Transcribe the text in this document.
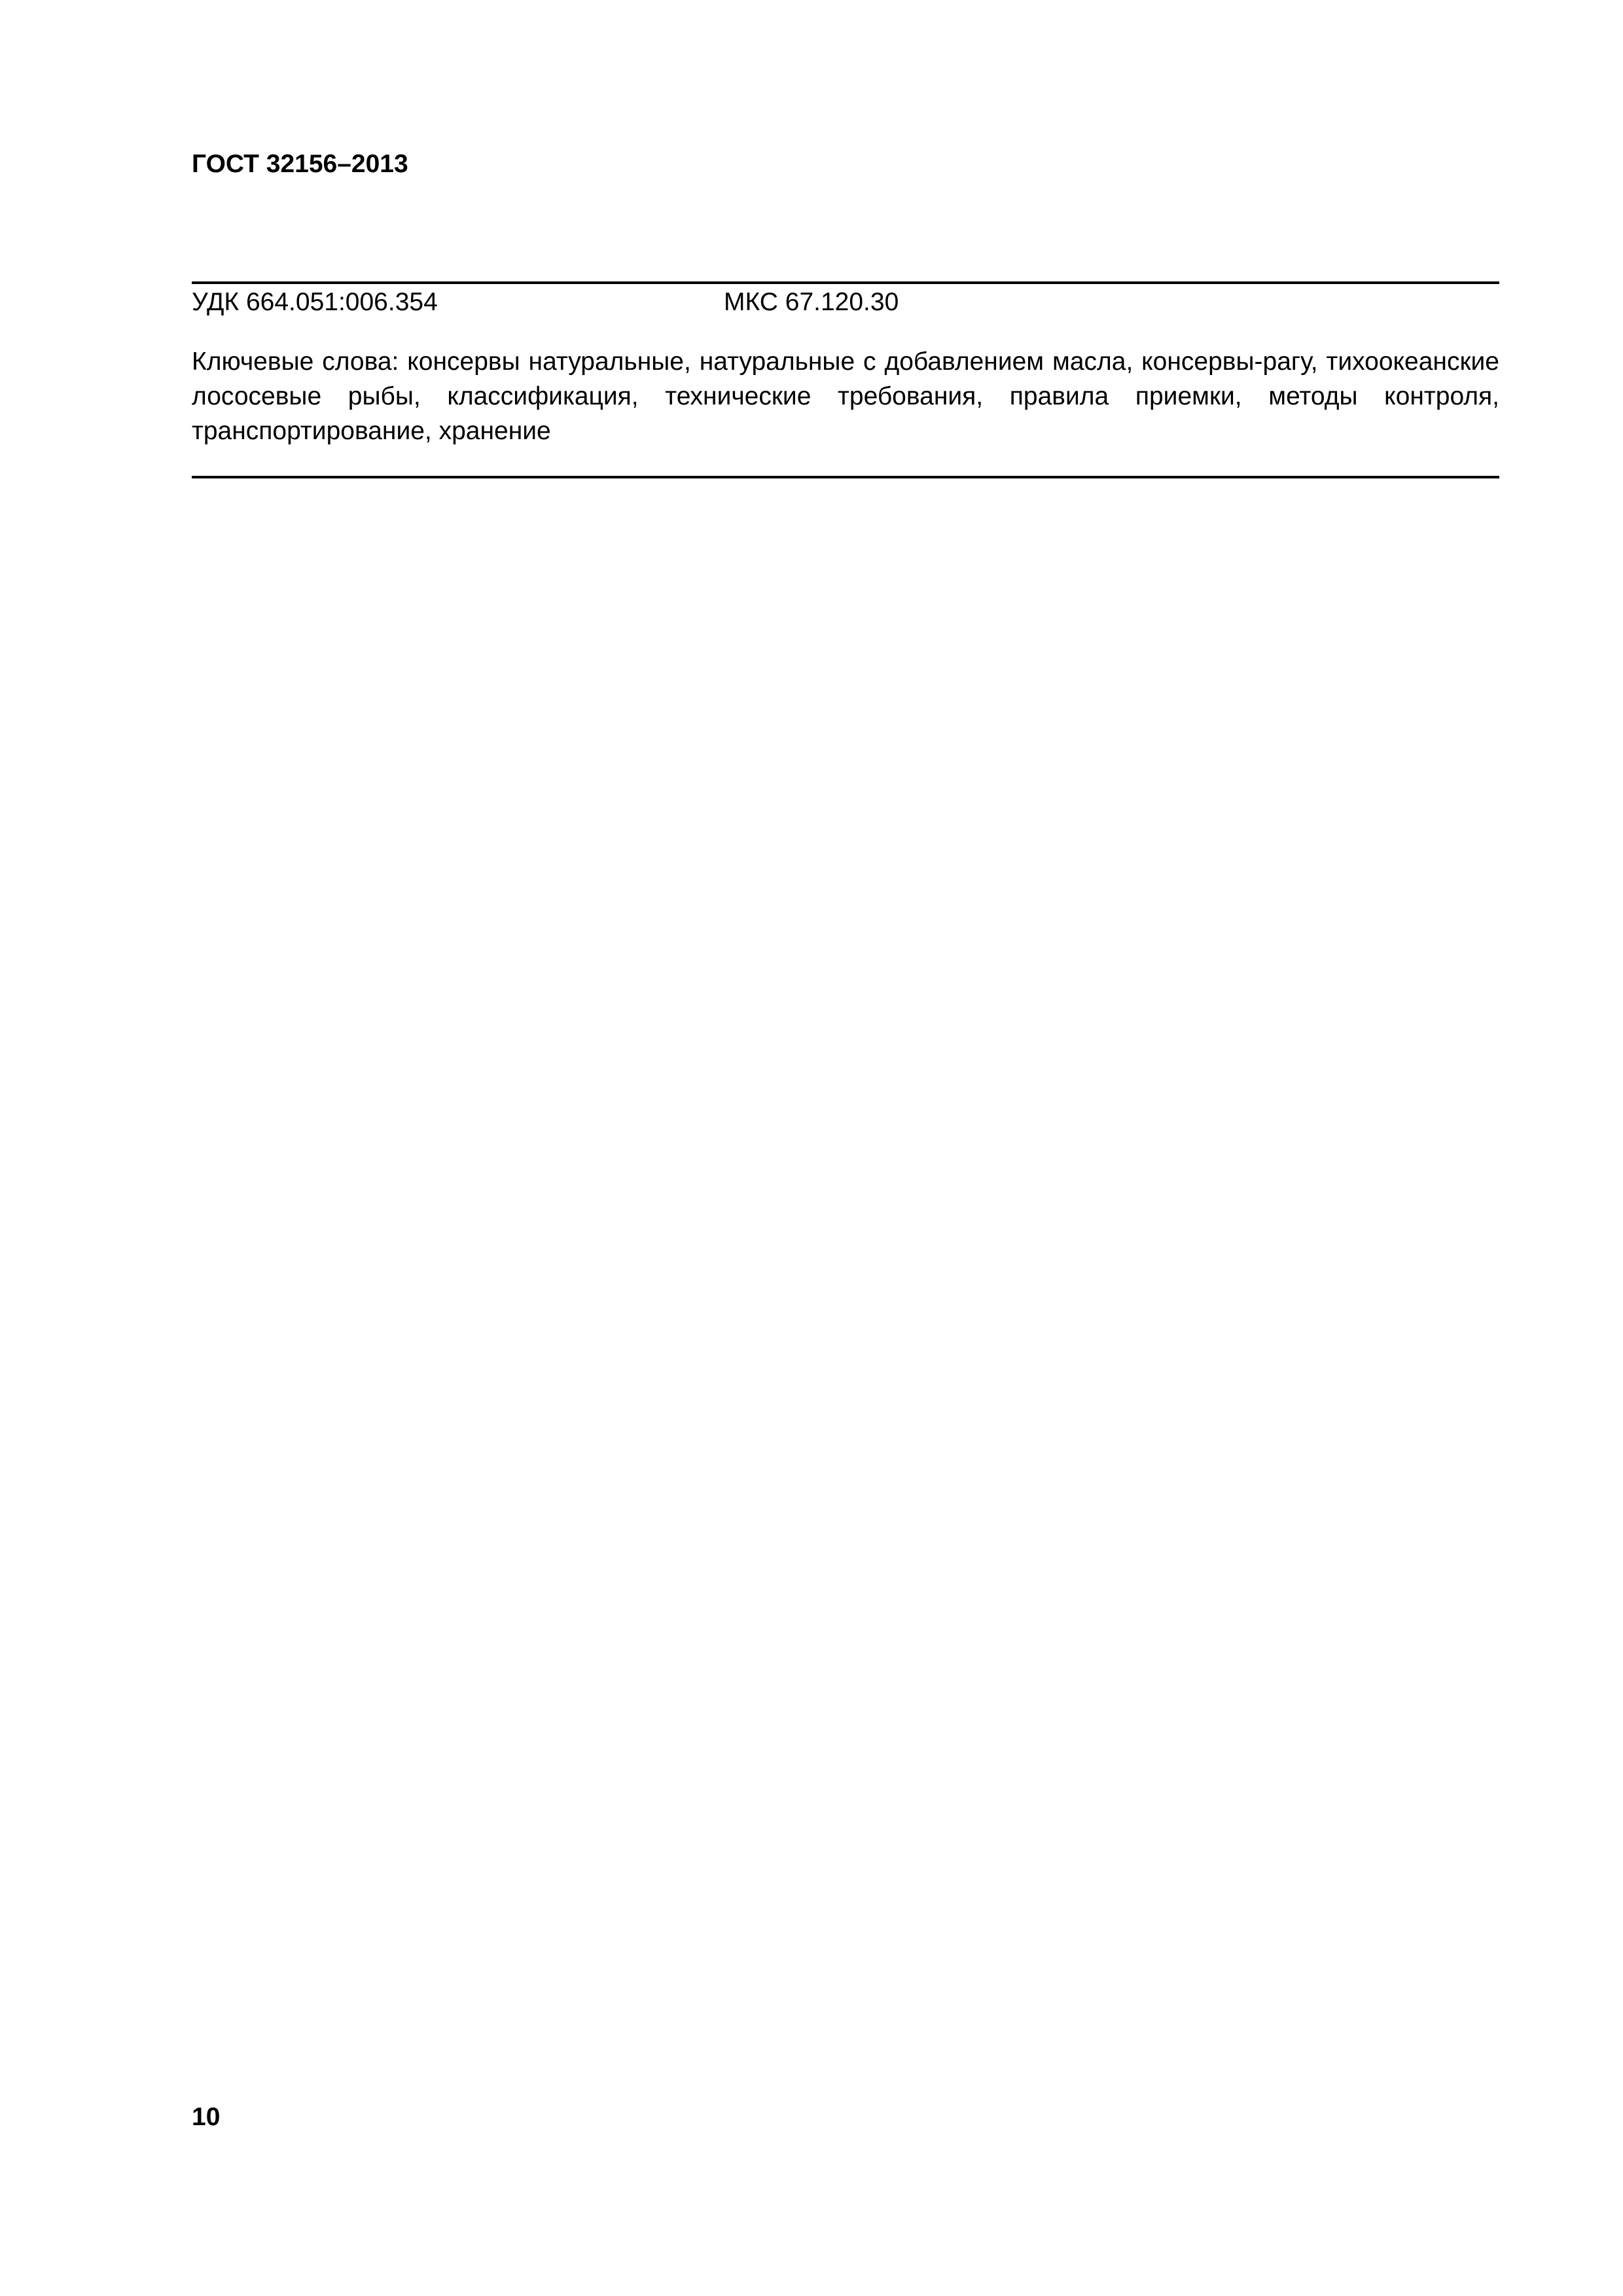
ГОСТ 32156–2013
УДК 664.051:006.354	МКС 67.120.30

Ключевые слова: консервы натуральные, натуральные с добавлением масла, консервы-рагу, тихоокеанские лососевые рыбы, классификация, технические требования, правила приемки, методы контроля, транспортирование, хранение

10
